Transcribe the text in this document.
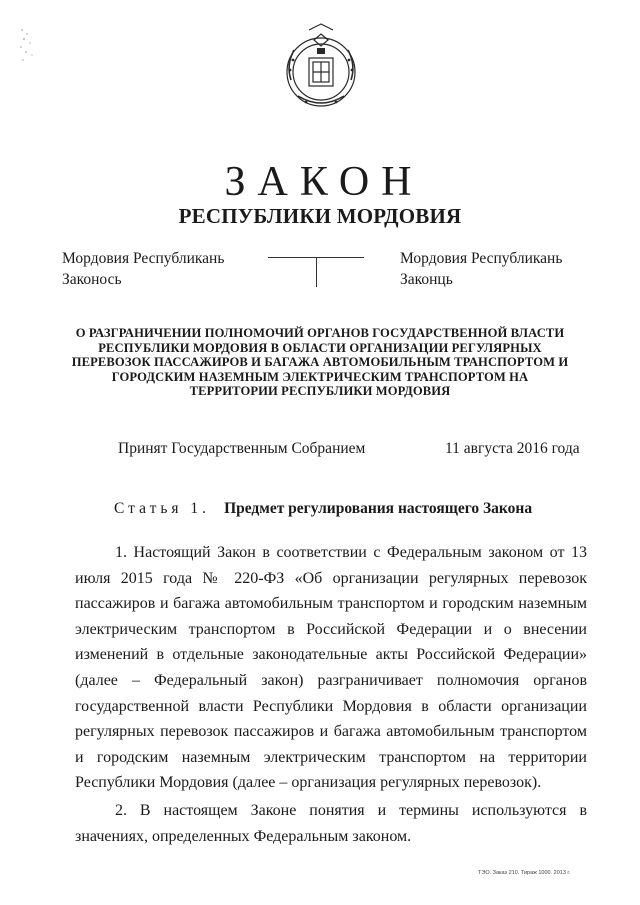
ЗАКОН
РЕСПУБЛИКИ МОРДОВИЯ
Мордовия Республикань
Законось
Мордовия Республикань
Законць
О РАЗГРАНИЧЕНИИ ПОЛНОМОЧИЙ ОРГАНОВ ГОСУДАРСТВЕННОЙ ВЛАСТИ РЕСПУБЛИКИ МОРДОВИЯ В ОБЛАСТИ ОРГАНИЗАЦИИ РЕГУЛЯРНЫХ ПЕРЕВОЗОК ПАССАЖИРОВ И БАГАЖА АВТОМОБИЛЬНЫМ ТРАНСПОРТОМ И ГОРОДСКИМ НАЗЕМНЫМ ЭЛЕКТРИЧЕСКИМ ТРАНСПОРТОМ НА ТЕРРИТОРИИ РЕСПУБЛИКИ МОРДОВИЯ
Принят Государственным Собранием	11 августа 2016 года
Статья 1. Предмет регулирования настоящего Закона
1. Настоящий Закон в соответствии с Федеральным законом от 13 июля 2015 года № 220-ФЗ «Об организации регулярных перевозок пассажиров и багажа автомобильным транспортом и городским наземным электрическим транспортом в Российской Федерации и о внесении изменений в отдельные законодательные акты Российской Федерации» (далее – Федеральный закон) разграничивает полномочия органов государственной власти Республики Мордовия в области организации регулярных перевозок пассажиров и багажа автомобильным транспортом и городским наземным электрическим транспортом на территории Республики Мордовия (далее – организация регулярных перевозок).
2. В настоящем Законе понятия и термины используются в значениях, определенных Федеральным законом.
ТЭО. Заказ 210. Тираж 1000. 2013 г.
